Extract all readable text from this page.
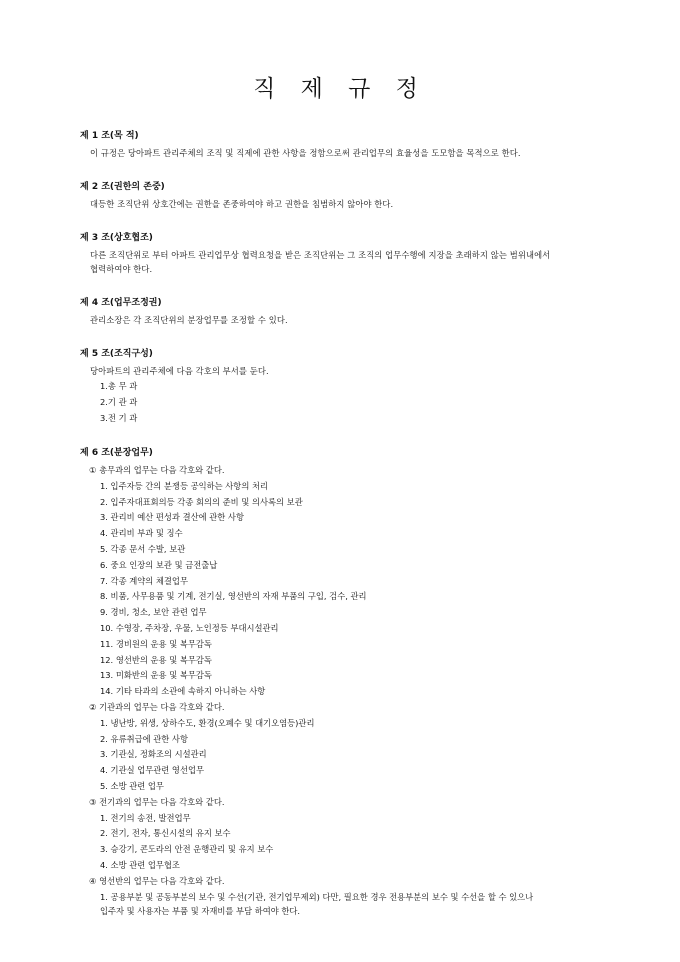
직 제 규 정
제 1 조(목 적)
이 규정은 당아파트 관리주체의 조직 및 직제에 관한 사항을 정함으로써 관리업무의 효율성을 도모함을 목적으로 한다.
제 2 조(권한의 존중)
대등한 조직단위 상호간에는 권한을 존중하여야 하고 권한을 침범하지 않아야 한다.
제 3 조(상호협조)
다른 조직단위로 부터 아파트 관리업무상 협력요청을 받은 조직단위는 그 조직의 업무수행에 지장을 초래하지 않는 범위내에서 협력하여야 한다.
제 4 조(업무조정권)
관리소장은 각 조직단위의 분장업무를 조정할 수 있다.
제 5 조(조직구성)
당아파트의 관리주체에 다음 각호의 부서를 둔다.
1.총 무 과
2.기 관 과
3.전 기 과
제 6 조(분장업무)
① 총무과의 업무는 다음 각호와 같다.
1. 입주자등 간의 분쟁등 공익하는 사항의 처리
2. 입주자대표회의등 각종 회의의 준비 및 의사록의 보관
3. 관리비 예산 편성과 결산에 관한 사항
4. 관리비 부과 및 징수
5. 각종 문서 수발, 보관
6. 중요 인장의 보관 및 금전출납
7. 각종 계약의 체결업무
8. 비품, 사무용품 및 기계, 전기실, 영선반의 자재 부품의 구입, 검수, 관리
9. 경비, 청소, 보안 관련 업무
10. 수영장, 주차장, 우물, 노인정등 부대시설관리
11. 경비원의 운용 및 복무감독
12. 영선반의 운용 및 복무감독
13. 미화반의 운용 및 복무감독
14. 기타 타과의 소관에 속하지 아니하는 사항
② 기관과의 업무는 다음 각호와 같다.
1. 냉난방, 위생, 상하수도, 환경(오폐수 및 대기오염등)관리
2. 유류취급에 관한 사항
3. 기관실, 정화조의 시설관리
4. 기관실 업무관련 영선업무
5. 소방 관련 업무
③ 전기과의 업무는 다음 각호와 같다.
1. 전기의 송전, 발전업무
2. 전기, 전자, 통신시설의 유지 보수
3. 승강기, 콘도라의 안전 운행관리 및 유지 보수
4. 소방 관련 업무협조
④ 영선반의 업무는 다음 각호와 같다.
1. 공용부분 및 공동부분의 보수 및 수선(기관, 전기업무제외) 다만, 필요한 경우 전용부분의 보수 및 수선을 할 수 있으나 입주자 및 사용자는 부품 및 자재비를 부담 하여야 한다.
